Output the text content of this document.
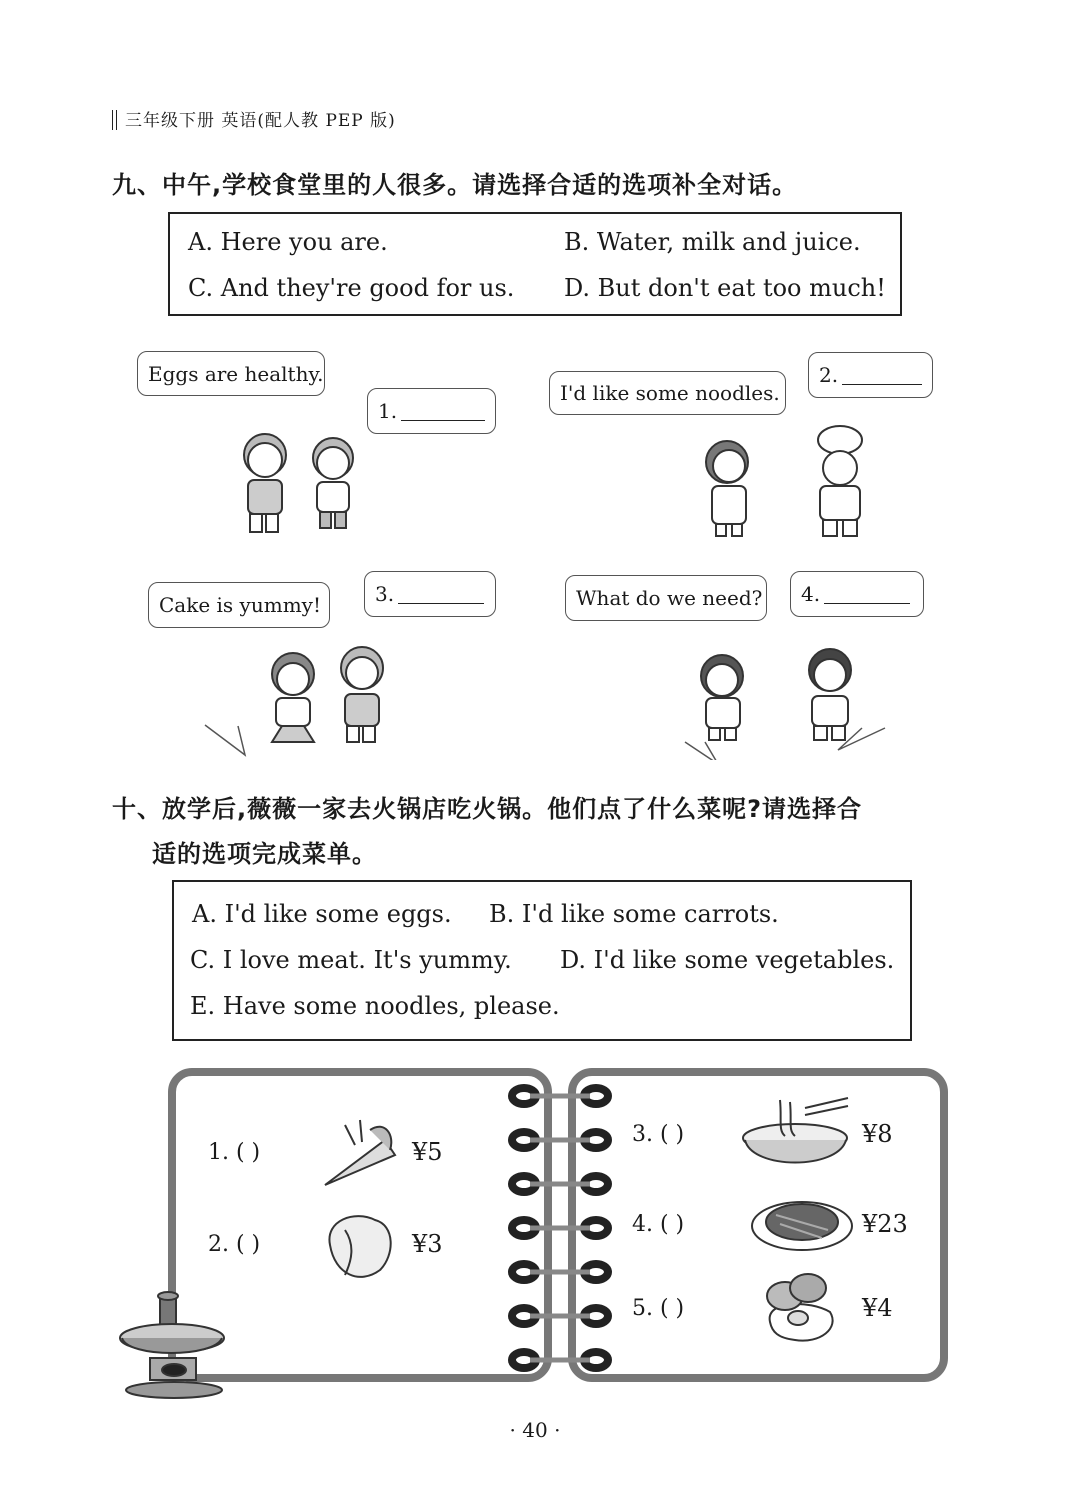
三年级下册 英语(配人教 PEP 版)
九、中午,学校食堂里的人很多。请选择合适的选项补全对话。
A. Here you are.	B. Water, milk and juice.
C. And they're good for us. D. But don't eat too much!
Eggs are healthy.
1.
I'd like some noodles.
2.
Cake is yummy!	3.	What do we need? 4.
十、放学后,薇薇一家去火锅店吃火锅。他们点了什么菜呢?请选择合
适的选项完成菜单。
A. I'd like some eggs. B. I'd like some carrots.
C. I love meat. It's yummy. D. I'd like some vegetables.
E. Have some noodles, please.
1. ( )	¥5
2. ( )	¥3
3. ( )	¥8
4. ( )	¥23
5. ( )	¥4
· 40 ·
